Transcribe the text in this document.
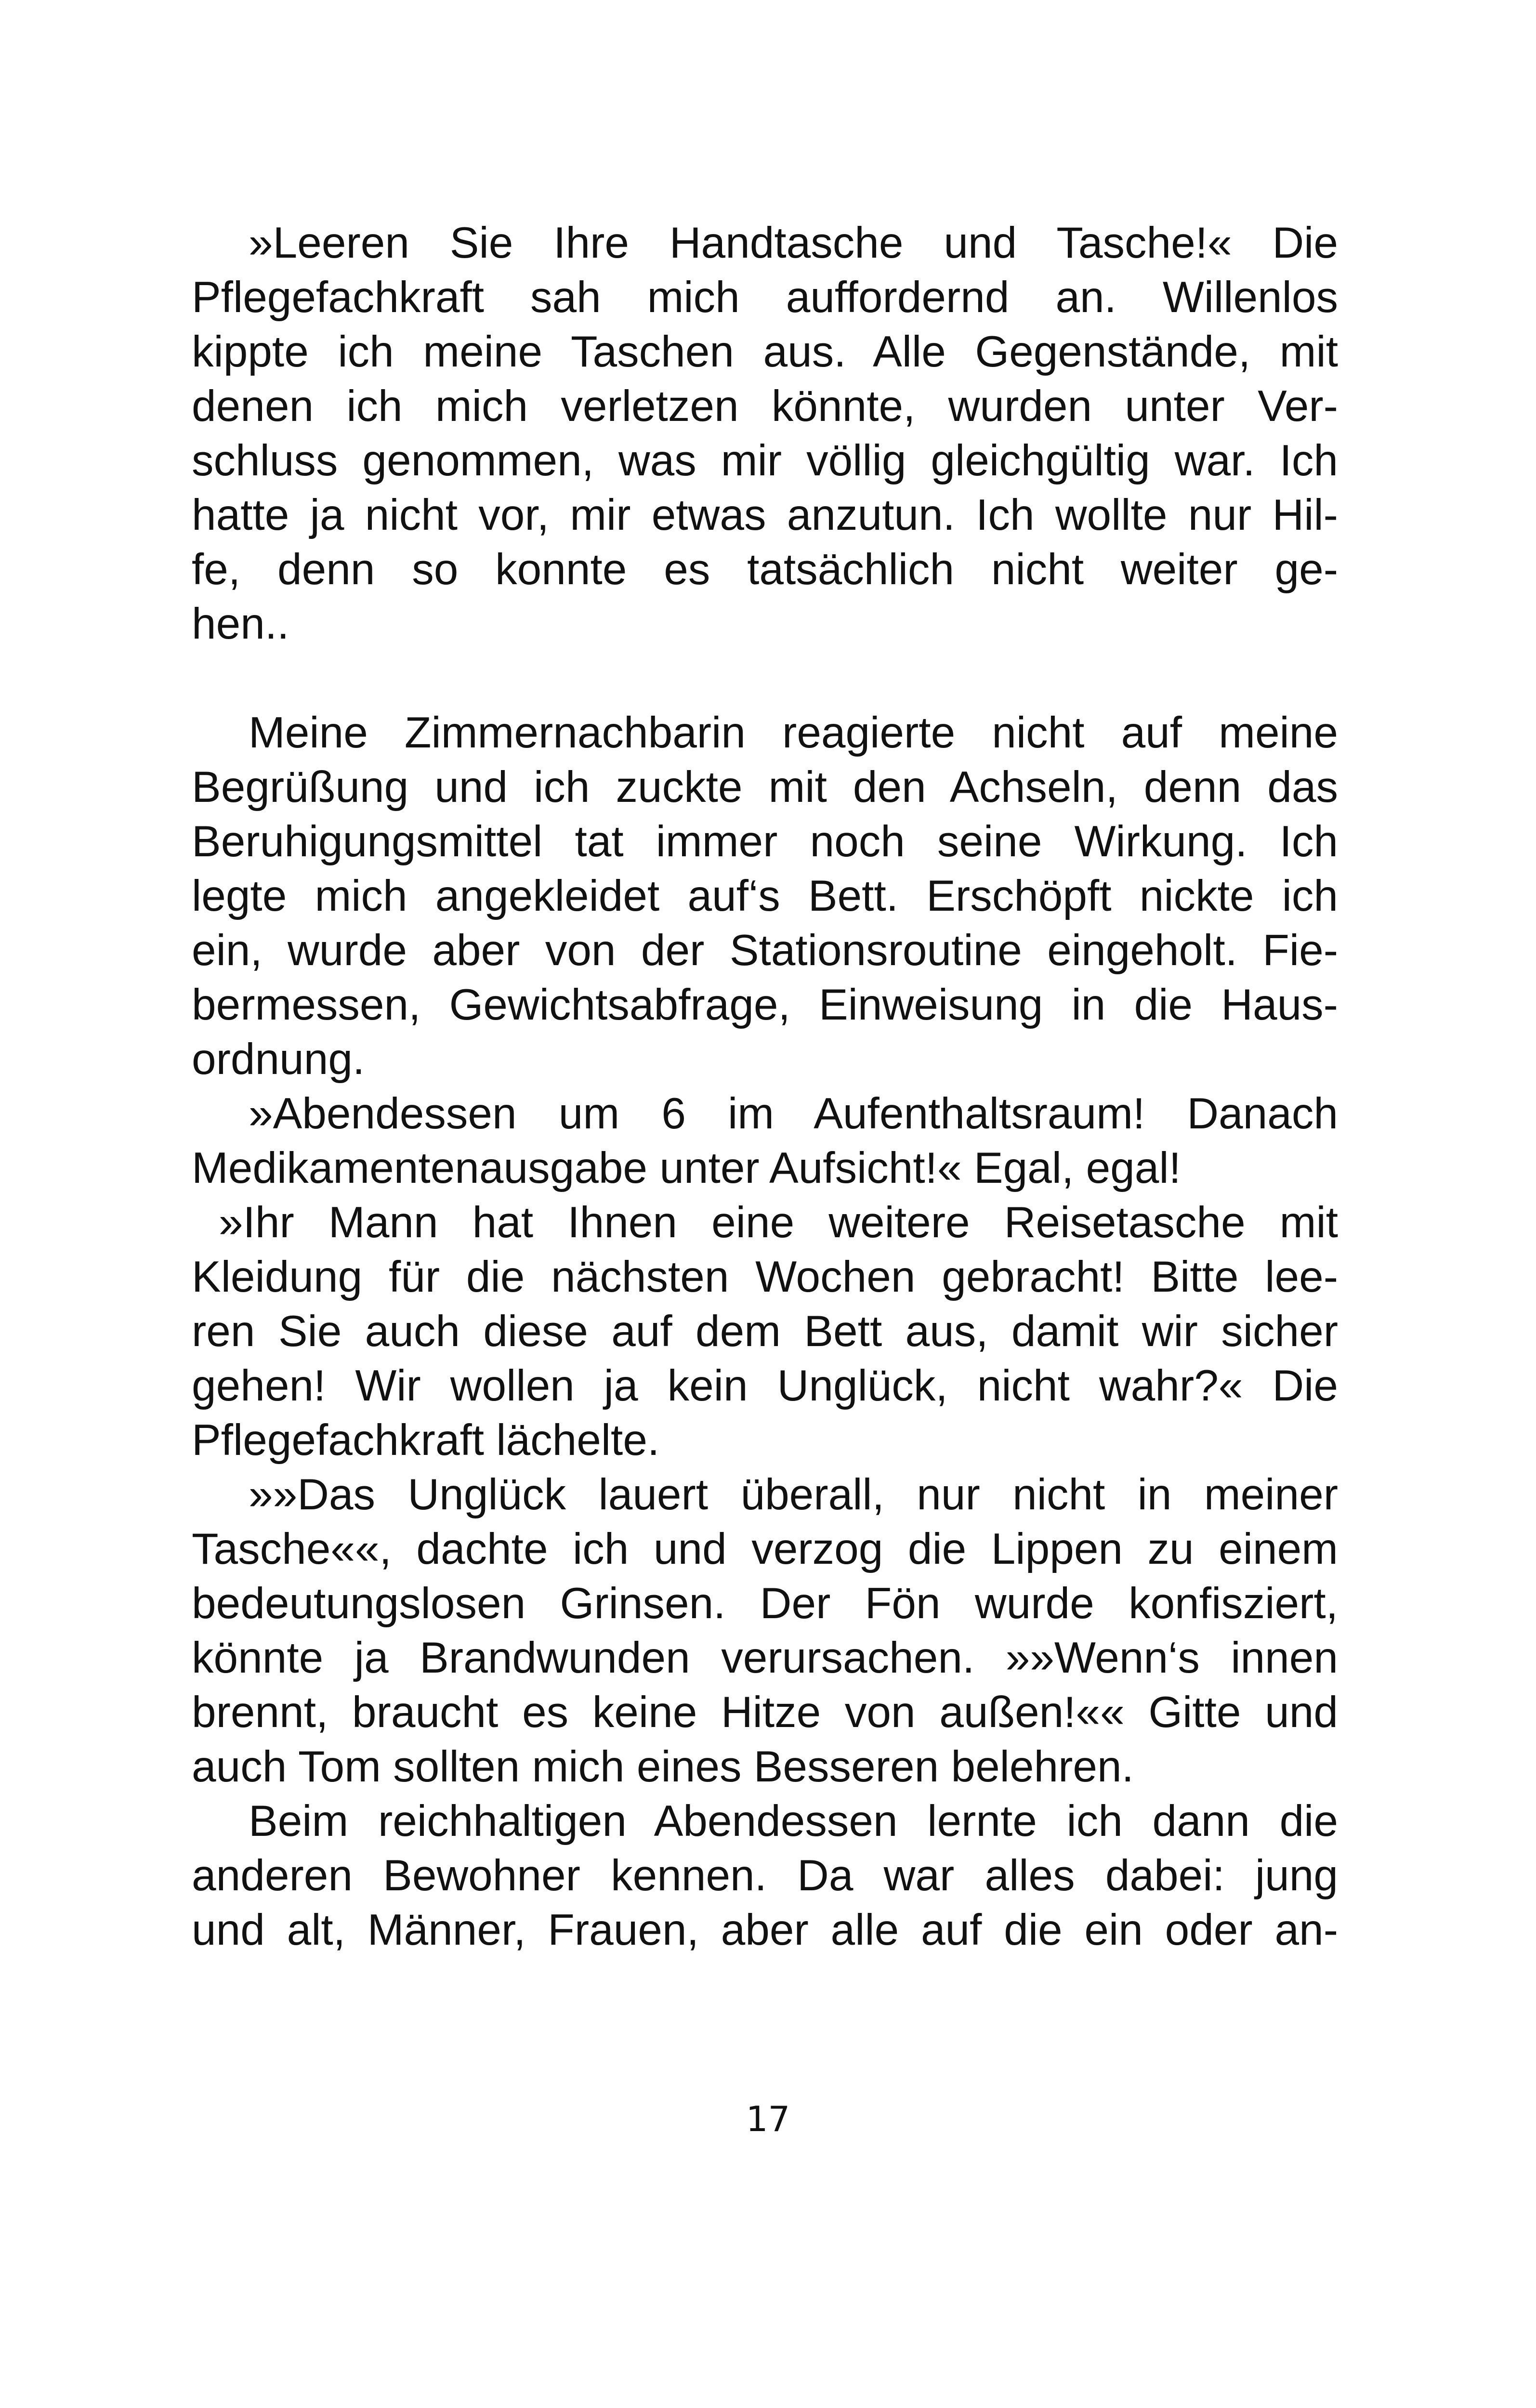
»Leeren Sie Ihre Handtasche und Tasche!« Die
Pflegefachkraft sah mich auffordernd an. Willenlos
kippte ich meine Taschen aus. Alle Gegenstände, mit
denen ich mich verletzen könnte, wurden unter Ver-
schluss genommen, was mir völlig gleichgültig war. Ich
hatte ja nicht vor, mir etwas anzutun. Ich wollte nur Hil-
fe, denn so konnte es tatsächlich nicht weiter ge-
hen..
Meine Zimmernachbarin reagierte nicht auf meine
Begrüßung und ich zuckte mit den Achseln, denn das
Beruhigungsmittel tat immer noch seine Wirkung. Ich
legte mich angekleidet auf‘s Bett. Erschöpft nickte ich
ein, wurde aber von der Stationsroutine eingeholt. Fie-
bermessen, Gewichtsabfrage, Einweisung in die Haus-
ordnung.
»Abendessen um 6 im Aufenthaltsraum! Danach
Medikamentenausgabe unter Aufsicht!« Egal, egal!
»Ihr Mann hat Ihnen eine weitere Reisetasche mit
Kleidung für die nächsten Wochen gebracht! Bitte lee-
ren Sie auch diese auf dem Bett aus, damit wir sicher
gehen! Wir wollen ja kein Unglück, nicht wahr?« Die
Pflegefachkraft lächelte.
»»Das Unglück lauert überall, nur nicht in meiner
Tasche««, dachte ich und verzog die Lippen zu einem
bedeutungslosen Grinsen. Der Fön wurde konfisziert,
könnte ja Brandwunden verursachen. »»Wenn‘s innen
brennt, braucht es keine Hitze von außen!«« Gitte und
auch Tom sollten mich eines Besseren belehren.
Beim reichhaltigen Abendessen lernte ich dann die
anderen Bewohner kennen. Da war alles dabei: jung
und alt, Männer, Frauen, aber alle auf die ein oder an-
17
